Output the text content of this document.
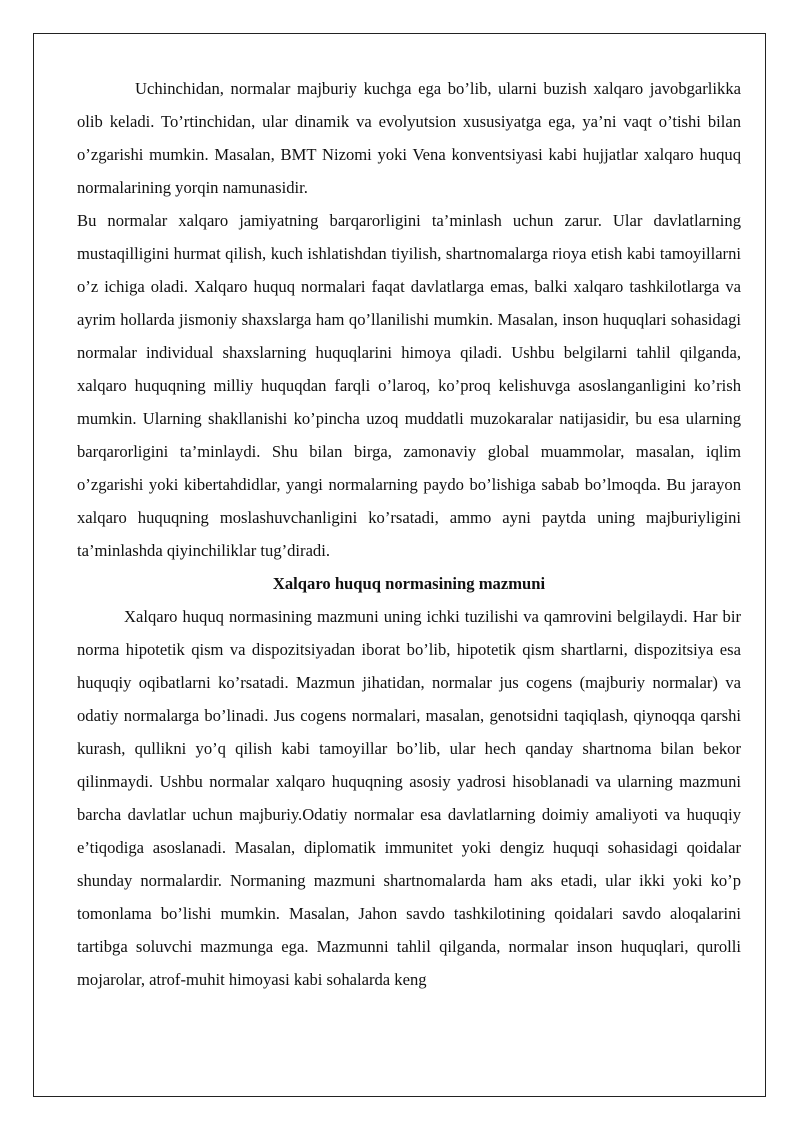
Uchinchidan, normalar majburiy kuchga ega bo’lib, ularni buzish xalqaro javobgarlikka olib keladi. To’rtinchidan, ular dinamik va evolyutsion xususiyatga ega, ya’ni vaqt o’tishi bilan o’zgarishi mumkin. Masalan, BMT Nizomi yoki Vena konventsiyasi kabi hujjatlar xalqaro huquq normalarining yorqin namunasidir.

Bu normalar xalqaro jamiyatning barqarorligini ta’minlash uchun zarur. Ular davlatlarning mustaqilligini hurmat qilish, kuch ishlatishdan tiyilish, shartnomalarga rioya etish kabi tamoyillarni o’z ichiga oladi. Xalqaro huquq normalari faqat davlatlarga emas, balki xalqaro tashkilotlarga va ayrim hollarda jismoniy shaxslarga ham qo’llanilishi mumkin. Masalan, inson huquqlari sohasidagi normalar individual shaxslarning huquqlarini himoya qiladi. Ushbu belgilarni tahlil qilganda, xalqaro huquqning milliy huquqdan farqli o’laroq, ko’proq kelishuvga asoslanganligini ko’rish mumkin. Ularning shakllanishi ko’pincha uzoq muddatli muzokaralar natijasidir, bu esa ularning barqarorligini ta’minlaydi. Shu bilan birga, zamonaviy global muammolar, masalan, iqlim o’zgarishi yoki kibertahdidlar, yangi normalarning paydo bo’lishiga sabab bo’lmoqda. Bu jarayon xalqaro huquqning moslashuvchanligini ko’rsatadi, ammo ayni paytda uning majburiyligini ta’minlashda qiyinchiliklar tug’diradi.

Xalqaro huquq normasining mazmuni

Xalqaro huquq normasining mazmuni uning ichki tuzilishi va qamrovini belgilaydi. Har bir norma hipotetik qism va dispozitsiyadan iborat bo’lib, hipotetik qism shartlarni, dispozitsiya esa huquqiy oqibatlarni ko’rsatadi. Mazmun jihatidan, normalar jus cogens (majburiy normalar) va odatiy normalarga bo’linadi. Jus cogens normalari, masalan, genotsidni taqiqlash, qiynoqqa qarshi kurash, qullikni yo’q qilish kabi tamoyillar bo’lib, ular hech qanday shartnoma bilan bekor qilinmaydi. Ushbu normalar xalqaro huquqning asosiy yadrosi hisoblanadi va ularning mazmuni barcha davlatlar uchun majburiy.Odatiy normalar esa davlatlarning doimiy amaliyoti va huquqiy e’tiqodiga asoslanadi. Masalan, diplomatik immunitet yoki dengiz huquqi sohasidagi qoidalar shunday normalardir. Normaning mazmuni shartnomalarda ham aks etadi, ular ikki yoki ko’p tomonlama bo’lishi mumkin. Masalan, Jahon savdo tashkilotining qoidalari savdo aloqalarini tartibga soluvchi mazmunga ega. Mazmunni tahlil qilganda, normalar inson huquqlari, qurolli mojarolar, atrof-muhit himoyasi kabi sohalarda keng
